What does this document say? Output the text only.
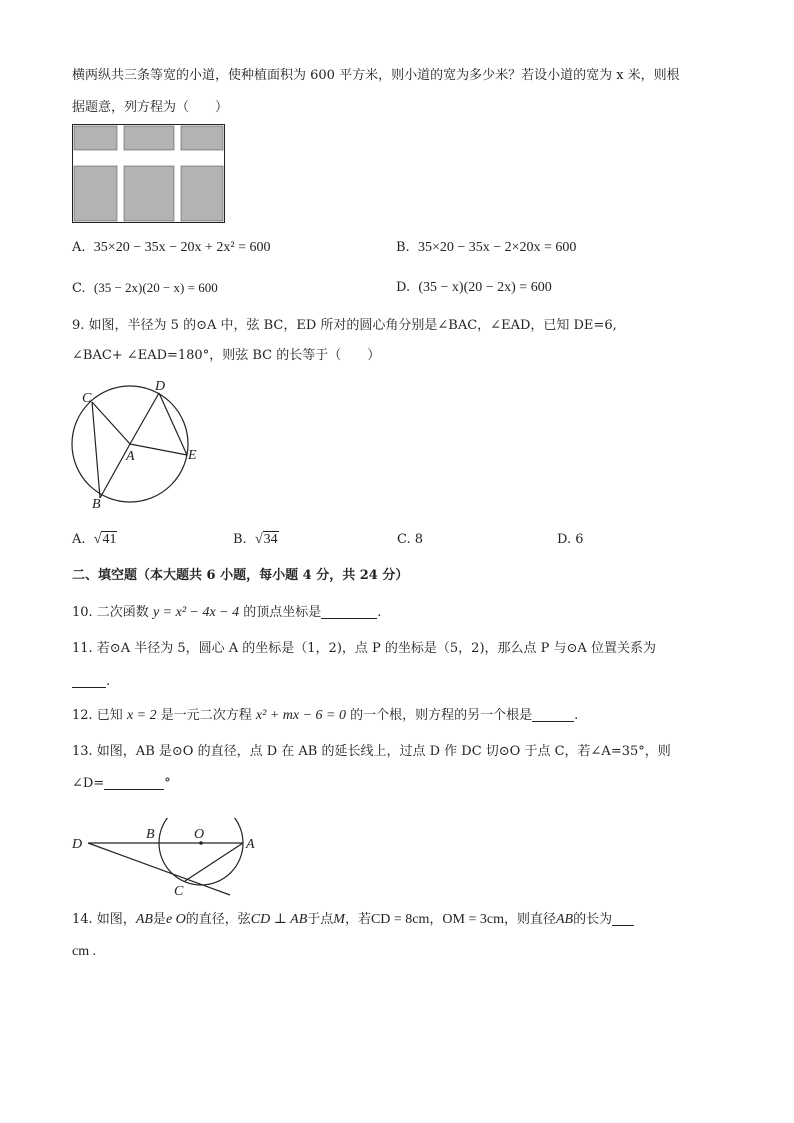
横两纵共三条等宽的小道，使种植面积为 600 平方米，则小道的宽为多少米？若设小道的宽为 x 米，则根
据题意，列方程为（　　）
A. 35×20 − 35x − 20x + 2x² = 600	B. 35×20 − 35x − 2×20x = 600
C. (35 − 2x)(20 − x) = 600	D. (35 − x)(20 − 2x) = 600
9. 如图，半径为 5 的⊙A 中，弦 BC，ED 所对的圆心角分别是∠BAC，∠EAD，已知 DE=6,
∠BAC+ ∠EAD=180°，则弦 BC 的长等于（　　）
C
D
A	E
B
A. √41	B. √34	C. 8	D. 6
二、填空题（本大题共 6 小题，每小题 4 分，共 24 分）
10. 二次函数 y = x² − 4x − 4 的顶点坐标是	.
11. 若⊙A 半径为 5，圆心 A 的坐标是（1，2)，点 P 的坐标是（5，2)，那么点 P 与⊙A 位置关系为
.
12. 已知 x = 2 是一元二次方程 x² + mx − 6 = 0 的一个根，则方程的另一个根是	.
13. 如图，AB 是⊙O 的直径，点 D 在 AB 的延长线上，过点 D 作 DC 切⊙O 于点 C，若∠A=35°，则
∠D=	°
D
B	O
A
C
14. 如图，AB是e O的直径，弦CD ⊥ AB于点M，若CD = 8cm，OM = 3cm，则直径AB的长为
cm .
